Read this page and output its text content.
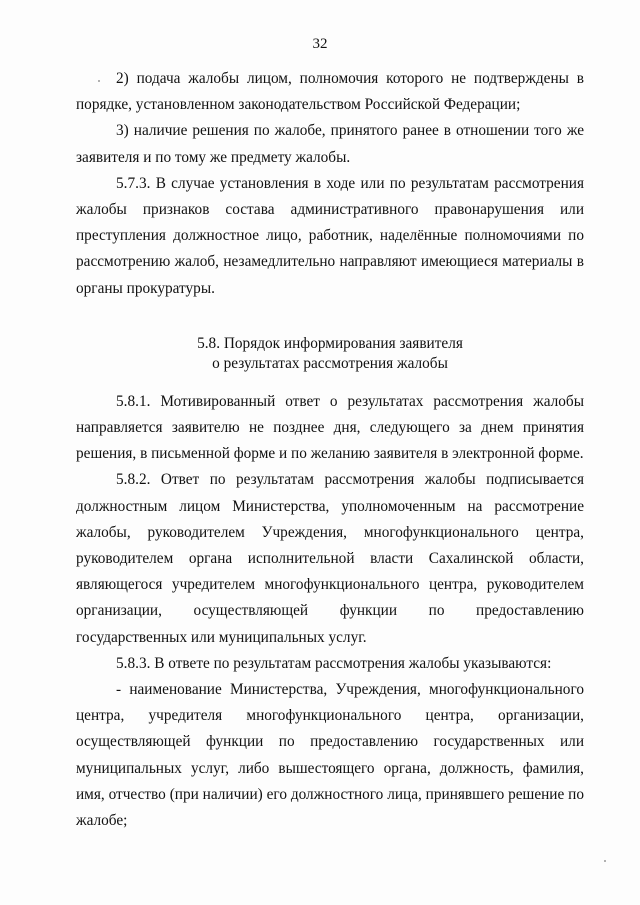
32

2) подача жалобы лицом, полномочия которого не подтверждены в порядке, установленном законодательством Российской Федерации;

3) наличие решения по жалобе, принятого ранее в отношении того же заявителя и по тому же предмету жалобы.

5.7.3. В случае установления в ходе или по результатам рассмотрения жалобы признаков состава административного правонарушения или преступления должностное лицо, работник, наделённые полномочиями по рассмотрению жалоб, незамедлительно направляют имеющиеся материалы в органы прокуратуры.

5.8. Порядок информирования заявителя
о результатах рассмотрения жалобы

5.8.1. Мотивированный ответ о результатах рассмотрения жалобы направляется заявителю не позднее дня, следующего за днем принятия решения, в письменной форме и по желанию заявителя в электронной форме.

5.8.2. Ответ по результатам рассмотрения жалобы подписывается должностным лицом Министерства, уполномоченным на рассмотрение жалобы, руководителем Учреждения, многофункционального центра, руководителем органа исполнительной власти Сахалинской области, являющегося учредителем многофункционального центра, руководителем организации, осуществляющей функции по предоставлению государственных или муниципальных услуг.

5.8.3. В ответе по результатам рассмотрения жалобы указываются:

- наименование Министерства, Учреждения, многофункционального центра, учредителя многофункционального центра, организации, осуществляющей функции по предоставлению государственных или муниципальных услуг, либо вышестоящего органа, должность, фамилия, имя, отчество (при наличии) его должностного лица, принявшего решение по жалобе;
